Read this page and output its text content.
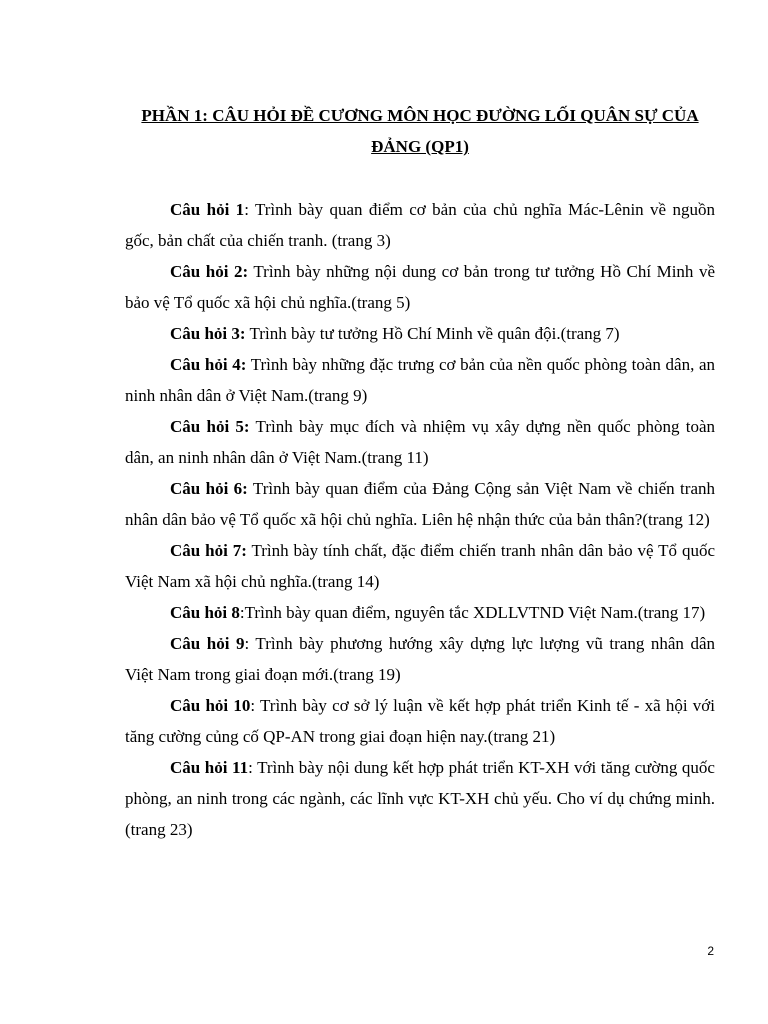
PHẦN 1: CÂU HỎI ĐỀ CƯƠNG MÔN HỌC ĐƯỜNG LỐI QUÂN SỰ CỦA ĐẢNG (QP1)

Câu hỏi 1: Trình bày quan điểm cơ bản của chủ nghĩa Mác-Lênin về nguồn gốc, bản chất của chiến tranh. (trang 3)

Câu hỏi 2: Trình bày những nội dung cơ bản trong tư tưởng Hồ Chí Minh về bảo vệ Tổ quốc xã hội chủ nghĩa.(trang 5)

Câu hỏi 3: Trình bày tư tưởng Hồ Chí Minh về quân đội.(trang 7)

Câu hỏi 4: Trình bày những đặc trưng cơ bản của nền quốc phòng toàn dân, an ninh nhân dân ở Việt Nam.(trang 9)

Câu hỏi 5: Trình bày mục đích và nhiệm vụ xây dựng nền quốc phòng toàn dân, an ninh nhân dân ở Việt Nam.(trang 11)

Câu hỏi 6: Trình bày quan điểm của Đảng Cộng sản Việt Nam về chiến tranh nhân dân bảo vệ Tổ quốc xã hội chủ nghĩa. Liên hệ nhận thức của bản thân?(trang 12)

Câu hỏi 7: Trình bày tính chất, đặc điểm chiến tranh nhân dân bảo vệ Tổ quốc Việt Nam xã hội chủ nghĩa.(trang 14)

Câu hỏi 8:Trình bày quan điểm, nguyên tắc XDLLVTND Việt Nam.(trang 17)

Câu hỏi 9: Trình bày phương hướng xây dựng lực lượng vũ trang nhân dân Việt Nam trong giai đoạn mới.(trang 19)

Câu hỏi 10: Trình bày cơ sở lý luận về kết hợp phát triển Kinh tế - xã hội với tăng cường củng cố QP-AN trong giai đoạn hiện nay.(trang 21)

Câu hỏi 11: Trình bày nội dung kết hợp phát triển KT-XH với tăng cường quốc phòng, an ninh trong các ngành, các lĩnh vực KT-XH chủ yếu. Cho ví dụ chứng minh.(trang 23)

2
